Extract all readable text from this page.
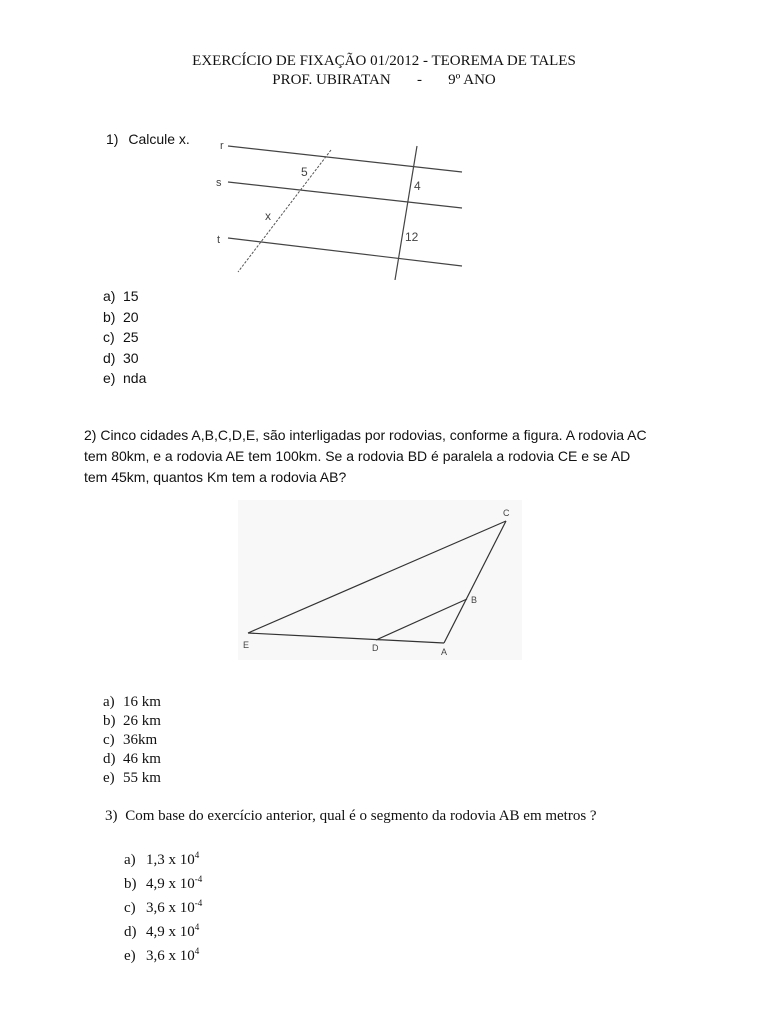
EXERCÍCIO DE FIXAÇÃO 01/2012 - TEOREMA DE TALES
PROF. UBIRATAN       -       9º ANO
1) Calcule x.	r
s
t
5
4
x
12
a) 15
b) 20
c) 25
d) 30
e) nda
2) Cinco cidades A,B,C,D,E, são interligadas por rodovias, conforme a figura. A rodovia AC
tem 80km, e a rodovia AE tem 100km. Se a rodovia BD é paralela a rodovia CE e se AD
tem 45km, quantos Km tem a rodovia AB?
C
B
E	D	A
a) 16 km
b) 26 km
c) 36km
d) 46 km
e) 55 km
3) Com base do exercício anterior, qual é o segmento da rodovia AB em metros ?
a) 1,3 x $10^4$
b) 4,9 x $10^{-4}$
c) 3,6 x $10^{-4}$
d) 4,9 x $10^4$
e) 3,6 x $10^4$
